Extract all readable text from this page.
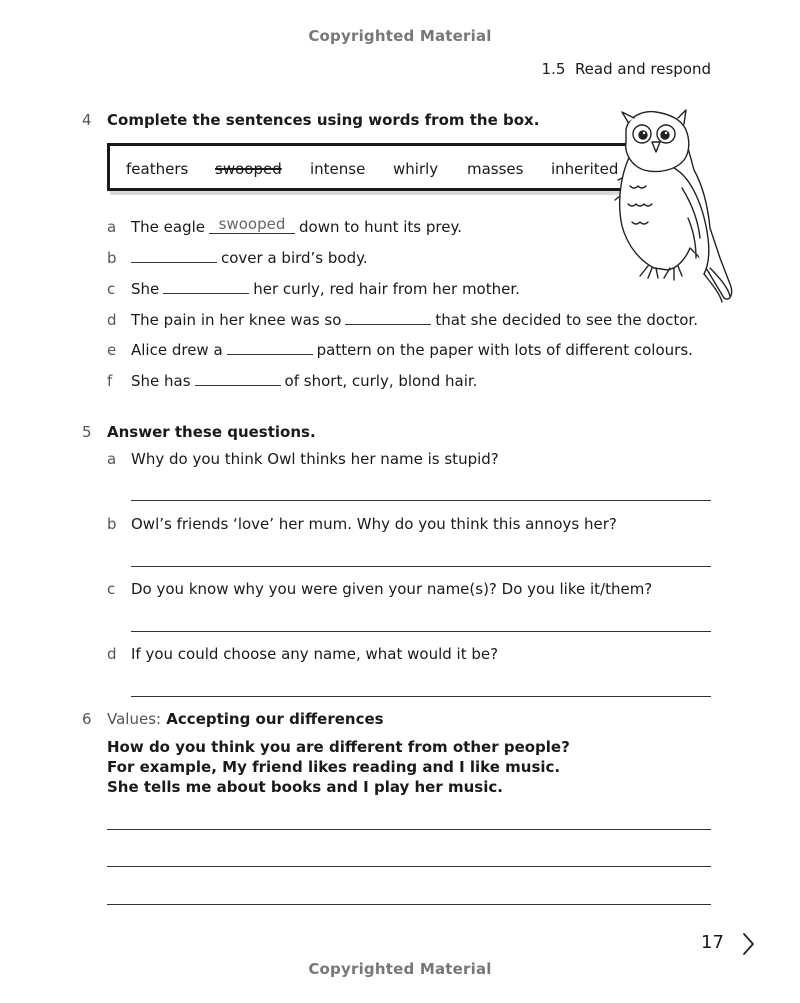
Copyrighted Material
1.5  Read and respond
4 Complete the sentences using words from the box.
feathers swooped intense whirly masses inherited
a The eagle swooped down to hunt its prey.
b	cover a bird’s body.
c She	her curly, red hair from her mother.
d The pain in her knee was so	that she decided to see the doctor.
e Alice drew a	pattern on the paper with lots of different colours.
f She has	of short, curly, blond hair.
5 Answer these questions.
a Why do you think Owl thinks her name is stupid?
b Owl’s friends ‘love’ her mum. Why do you think this annoys her?
c Do you know why you were given your name(s)? Do you like it/them?
d If you could choose any name, what would it be?
6 Values: Accepting our differences
How do you think you are different from other people?
For example, My friend likes reading and I like music.
She tells me about books and I play her music.
17
Copyrighted Material
